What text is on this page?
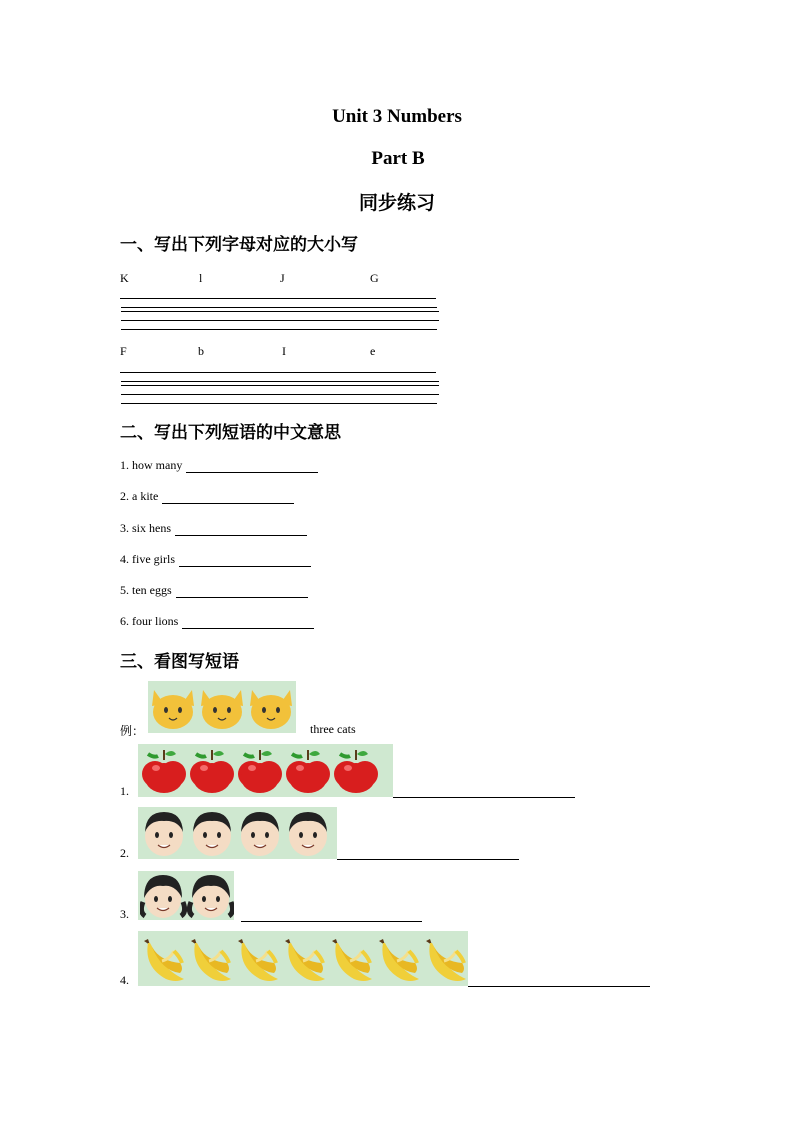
Unit 3 Numbers
Part B
同步练习
一、写出下列字母对应的大小写
K	l	J	G
F	b	I	e
二、写出下列短语的中文意思
1. how many
2. a kite
3. six hens
4. five girls
5. ten eggs
6. four lions
三、看图写短语
例：	three cats
1.
2.
3.
4.
